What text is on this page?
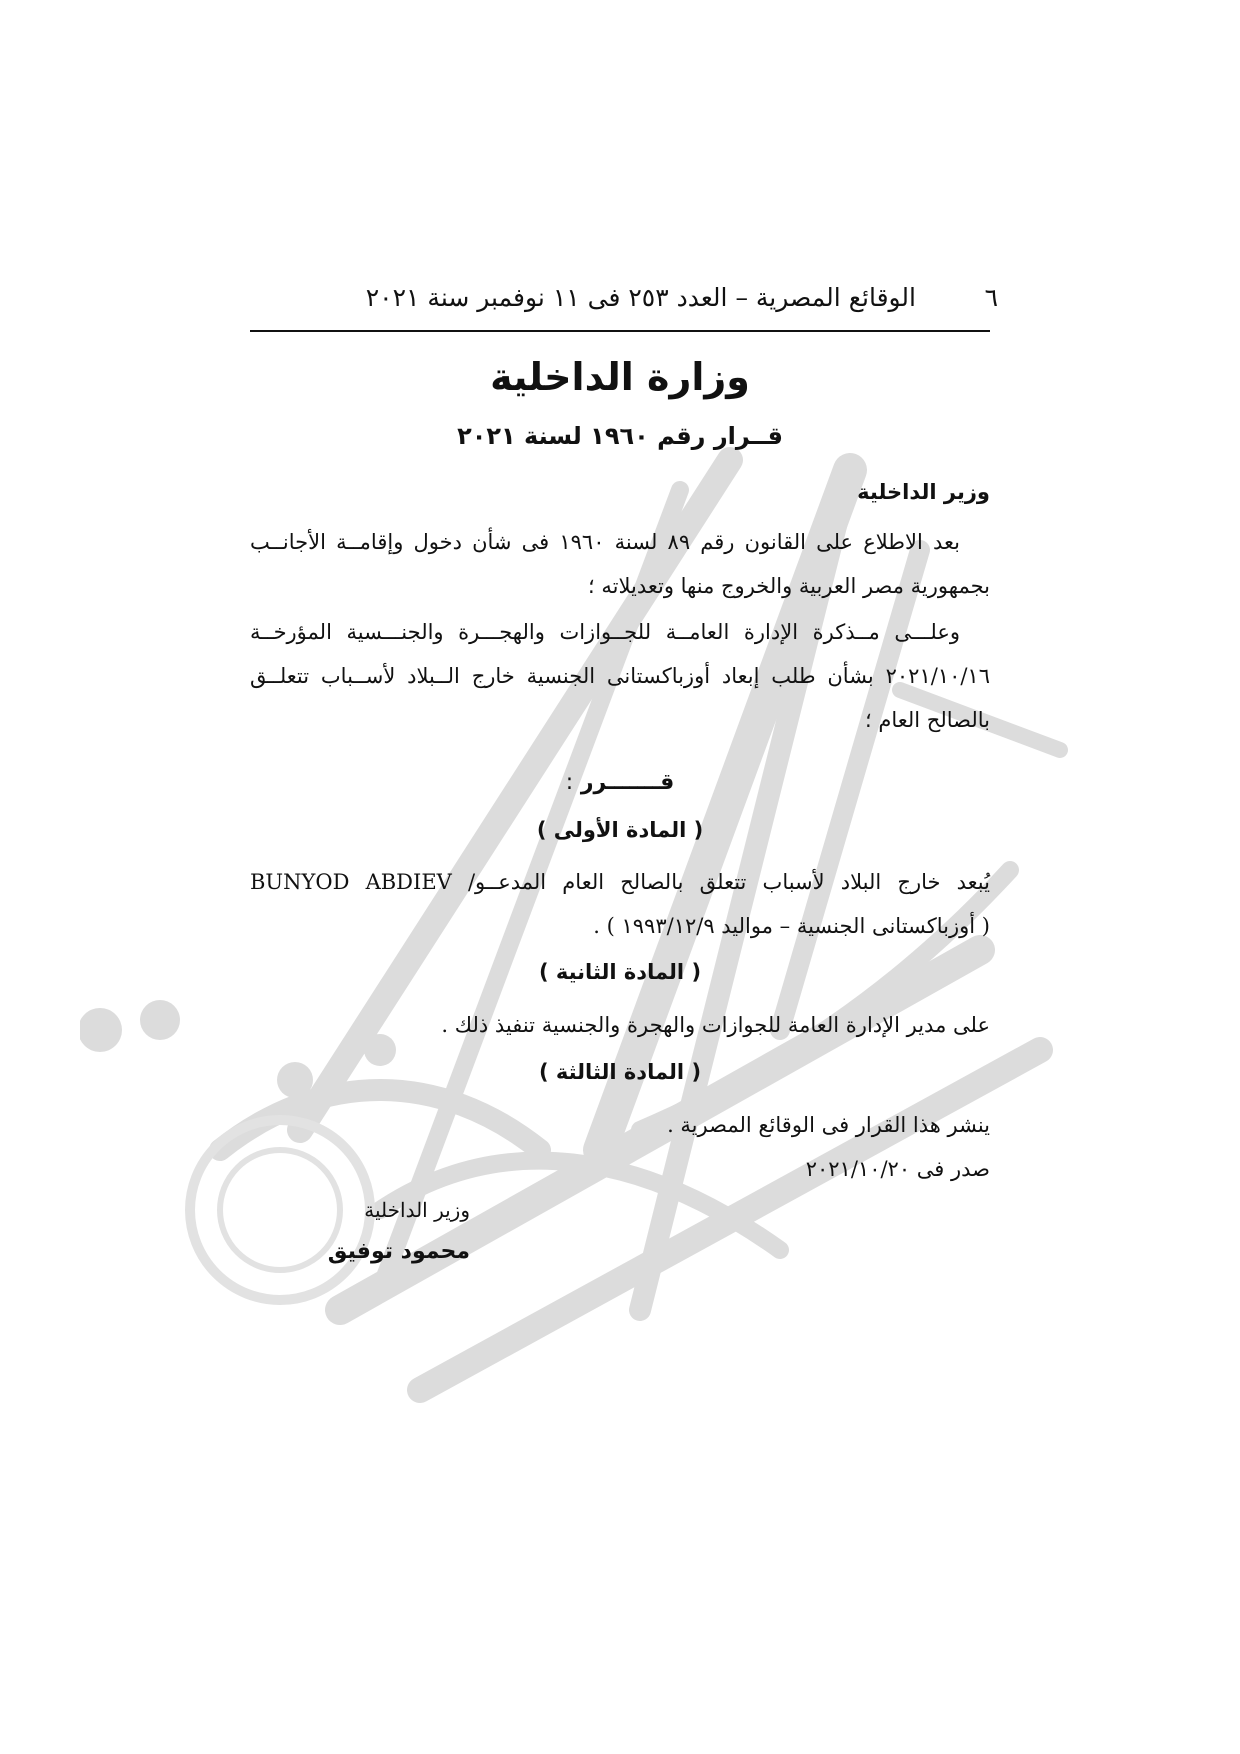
٦
الوقائع المصرية – العدد ٢٥٣ فى ١١ نوفمبر سنة ٢٠٢١
وزارة الداخلية
قــرار رقم ١٩٦٠ لسنة ٢٠٢١
وزير الداخلية
بعد الاطلاع على القانون رقم ٨٩ لسنة ١٩٦٠ فى شأن دخول وإقامــة الأجانــب
بجمهورية مصر العربية والخروج منها وتعديلاته ؛
وعلـــى مــذكرة الإدارة العامــة للجــوازات والهجـــرة والجنـــسية المؤرخــة
٢٠٢١/١٠/١٦ بشأن طلب إبعاد أوزباكستانى الجنسية خارج الــبلاد لأســباب تتعلــق
بالصالح العام ؛
قـــــــرر :
( المادة الأولى )
يُبعد خارج البلاد لأسباب تتعلق بالصالح العام المدعــو/ BUNYOD ABDIEV
( أوزباكستانى الجنسية – مواليد ١٩٩٣/١٢/٩ ) .
( المادة الثانية )
على مدير الإدارة العامة للجوازات والهجرة والجنسية تنفيذ ذلك .
( المادة الثالثة )
ينشر هذا القرار فى الوقائع المصرية .
صدر فى ٢٠٢١/١٠/٢٠
وزير الداخلية
محمود توفيق
